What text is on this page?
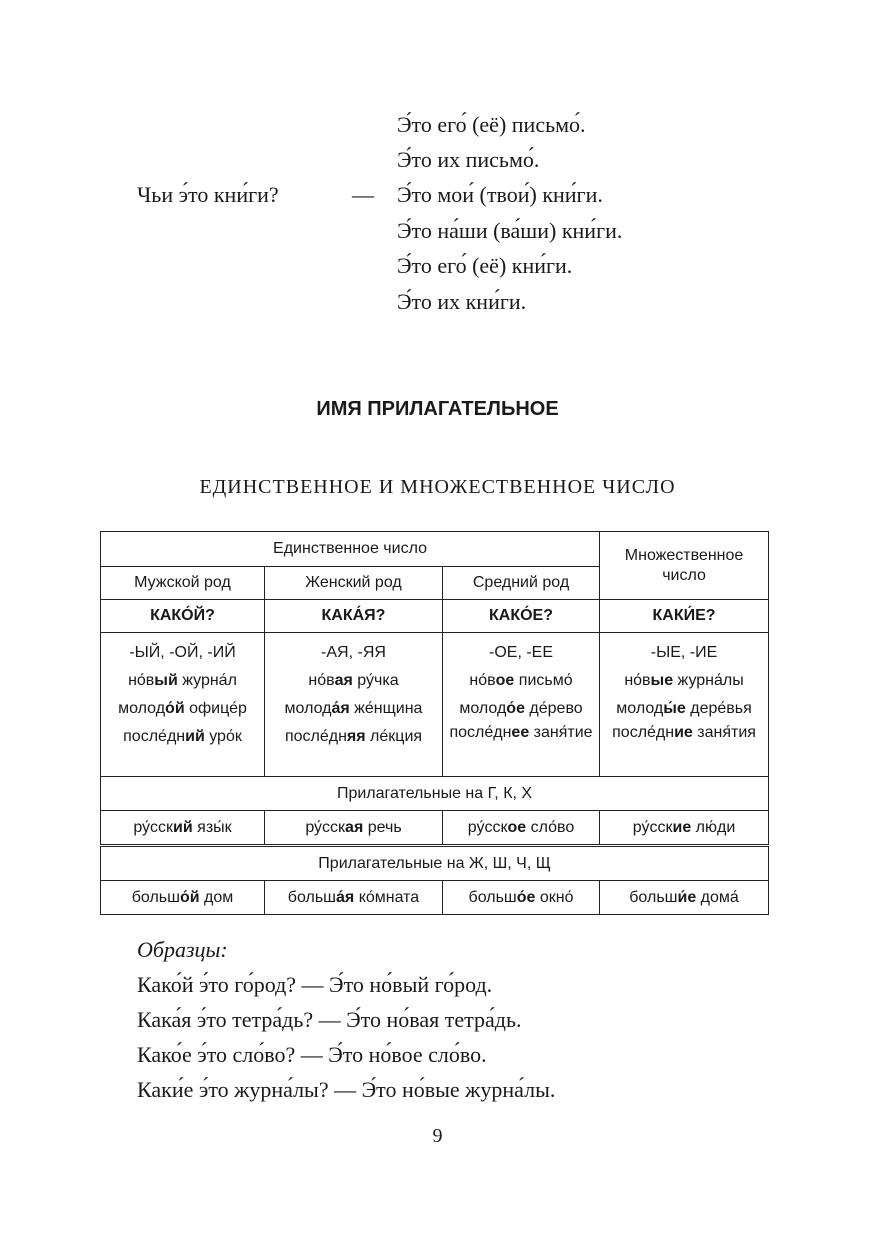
Э́то его́ (её) письмо́.
Э́то их письмо́.
Чьи э́то кни́ги?	— Э́то мои́ (твои́) кни́ги.
Э́то на́ши (ва́ши) кни́ги.
Э́то его́ (её) кни́ги.
Э́то их кни́ги.
ИМЯ ПРИЛАГАТЕЛЬНОЕ
ЕДИНСТВЕННОЕ И МНОЖЕСТВЕННОЕ ЧИСЛО
Единственное число			Множественное число
Мужской род	Женский род	Средний род	
КАКО́Й?	КАКА́Я?	КАКО́Е?	КАКИ́Е?

-ЫЙ, -ОЙ, -ИЙ
но́вый журна́л
молодо́й офице́р
после́дний уро́к	-АЯ, -ЯЯ
но́вая ру́чка
молода́я же́нщина
после́дняя ле́кция	-ОЕ, -ЕЕ
но́вое письмо́
молодо́е де́рево
после́днее заня́тие	-ЫЕ, -ИЕ
но́вые журна́лы
молоды́е дере́вья
после́дние заня́тия

Прилагательные на Г, К, Х			
ру́сский язы́к	ру́сская речь	ру́сское сло́во	ру́сские лю́ди
Прилагательные на Ж, Ш, Ч, Щ			
большо́й дом	больша́я ко́мната	большо́е окно́	больши́е дома́
Образцы:
Како́й э́то го́род? — Э́то но́вый го́род.
Кака́я э́то тетра́дь? — Э́то но́вая тетра́дь.
Како́е э́то сло́во? — Э́то но́вое сло́во.
Каки́е э́то журна́лы? — Э́то но́вые журна́лы.
9
